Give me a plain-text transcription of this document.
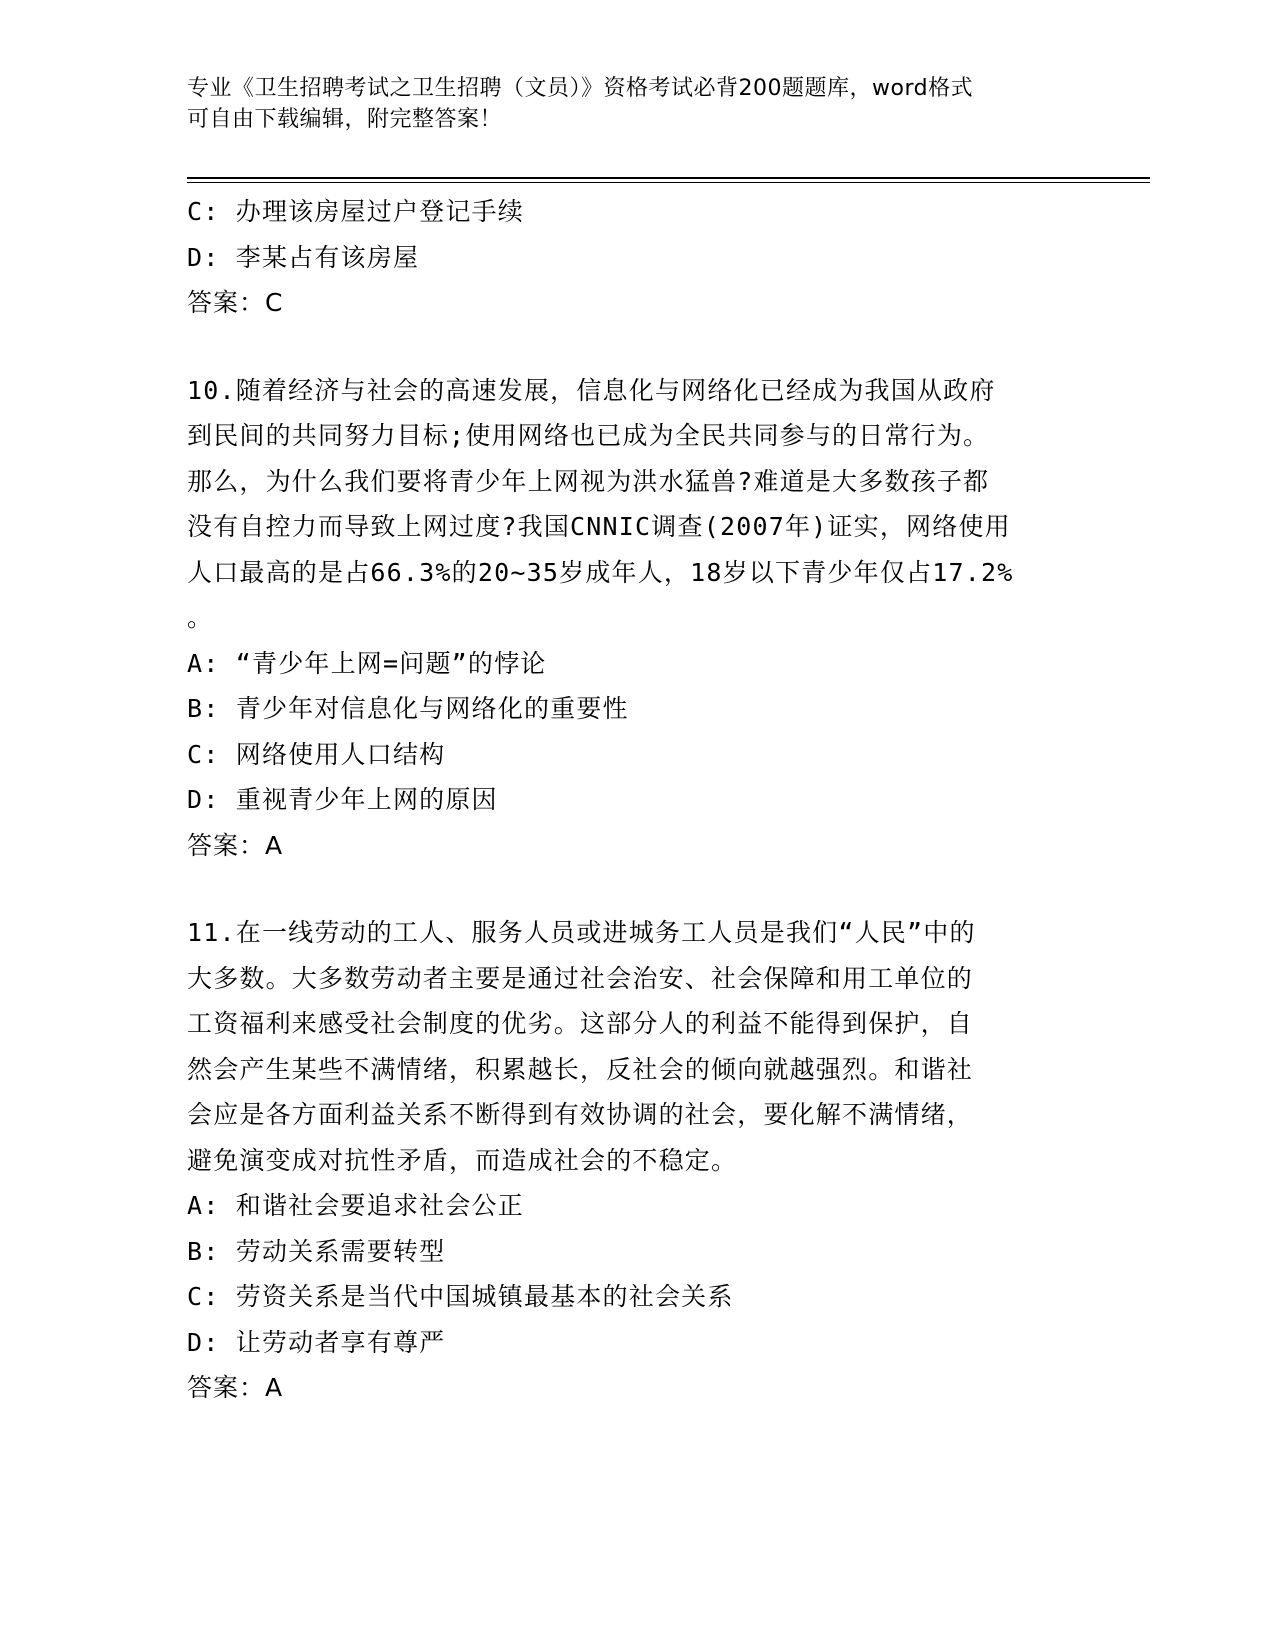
专业《卫生招聘考试之卫生招聘（文员）》资格考试必背200题题库，word格式
可自由下载编辑，附完整答案！
C: 办理该房屋过户登记手续
D: 李某占有该房屋
答案：C
10.随着经济与社会的高速发展，信息化与网络化已经成为我国从政府
到民间的共同努力目标;使用网络也已成为全民共同参与的日常行为。
那么，为什么我们要将青少年上网视为洪水猛兽?难道是大多数孩子都
没有自控力而导致上网过度?我国CNNIC调查(2007年)证实，网络使用
人口最高的是占66.3%的20~35岁成年人，18岁以下青少年仅占17.2%
。
A: “青少年上网=问题”的悖论
B: 青少年对信息化与网络化的重要性
C: 网络使用人口结构
D: 重视青少年上网的原因
答案：A
11.在一线劳动的工人、服务人员或进城务工人员是我们“人民”中的
大多数。大多数劳动者主要是通过社会治安、社会保障和用工单位的
工资福利来感受社会制度的优劣。这部分人的利益不能得到保护，自
然会产生某些不满情绪，积累越长，反社会的倾向就越强烈。和谐社
会应是各方面利益关系不断得到有效协调的社会，要化解不满情绪，
避免演变成对抗性矛盾，而造成社会的不稳定。
A: 和谐社会要追求社会公正
B: 劳动关系需要转型
C: 劳资关系是当代中国城镇最基本的社会关系
D: 让劳动者享有尊严
答案：A
